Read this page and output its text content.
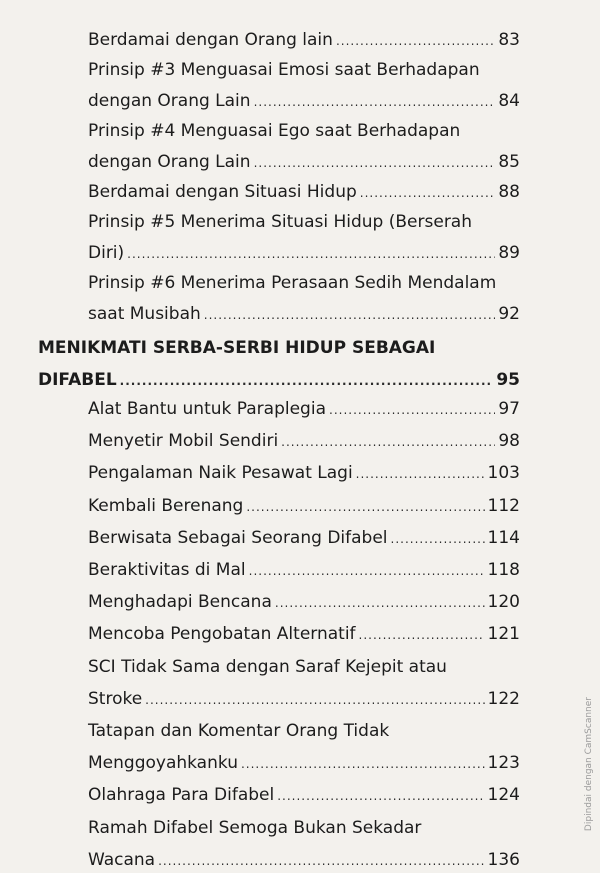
Berdamai dengan Orang lain .....	83
Prinsip #3 Menguasai Emosi saat Berhadapan
dengan Orang Lain .....	84
Prinsip #4 Menguasai Ego saat Berhadapan
dengan Orang Lain .....	85
Berdamai dengan Situasi Hidup .....	88
Prinsip #5 Menerima Situasi Hidup (Berserah
Diri) .....	89
Prinsip #6 Menerima Perasaan Sedih Mendalam
saat Musibah .....	92
MENIKMATI SERBA-SERBI HIDUP SEBAGAI
DIFABEL .....	95
Alat Bantu untuk Paraplegia .....	97
Menyetir Mobil Sendiri .....	98
Pengalaman Naik Pesawat Lagi .....	103
Kembali Berenang .....	112
Berwisata Sebagai Seorang Difabel .....	114
Beraktivitas di Mal .....	118
Menghadapi Bencana .....	120
Mencoba Pengobatan Alternatif .....	121
SCI Tidak Sama dengan Saraf Kejepit atau
Stroke .....	122
Tatapan dan Komentar Orang Tidak
Menggoyahkanku .....	123
Olahraga Para Difabel .....	124
Ramah Difabel Semoga Bukan Sekadar
Wacana .....	136
Dipindai dengan CamScanner
